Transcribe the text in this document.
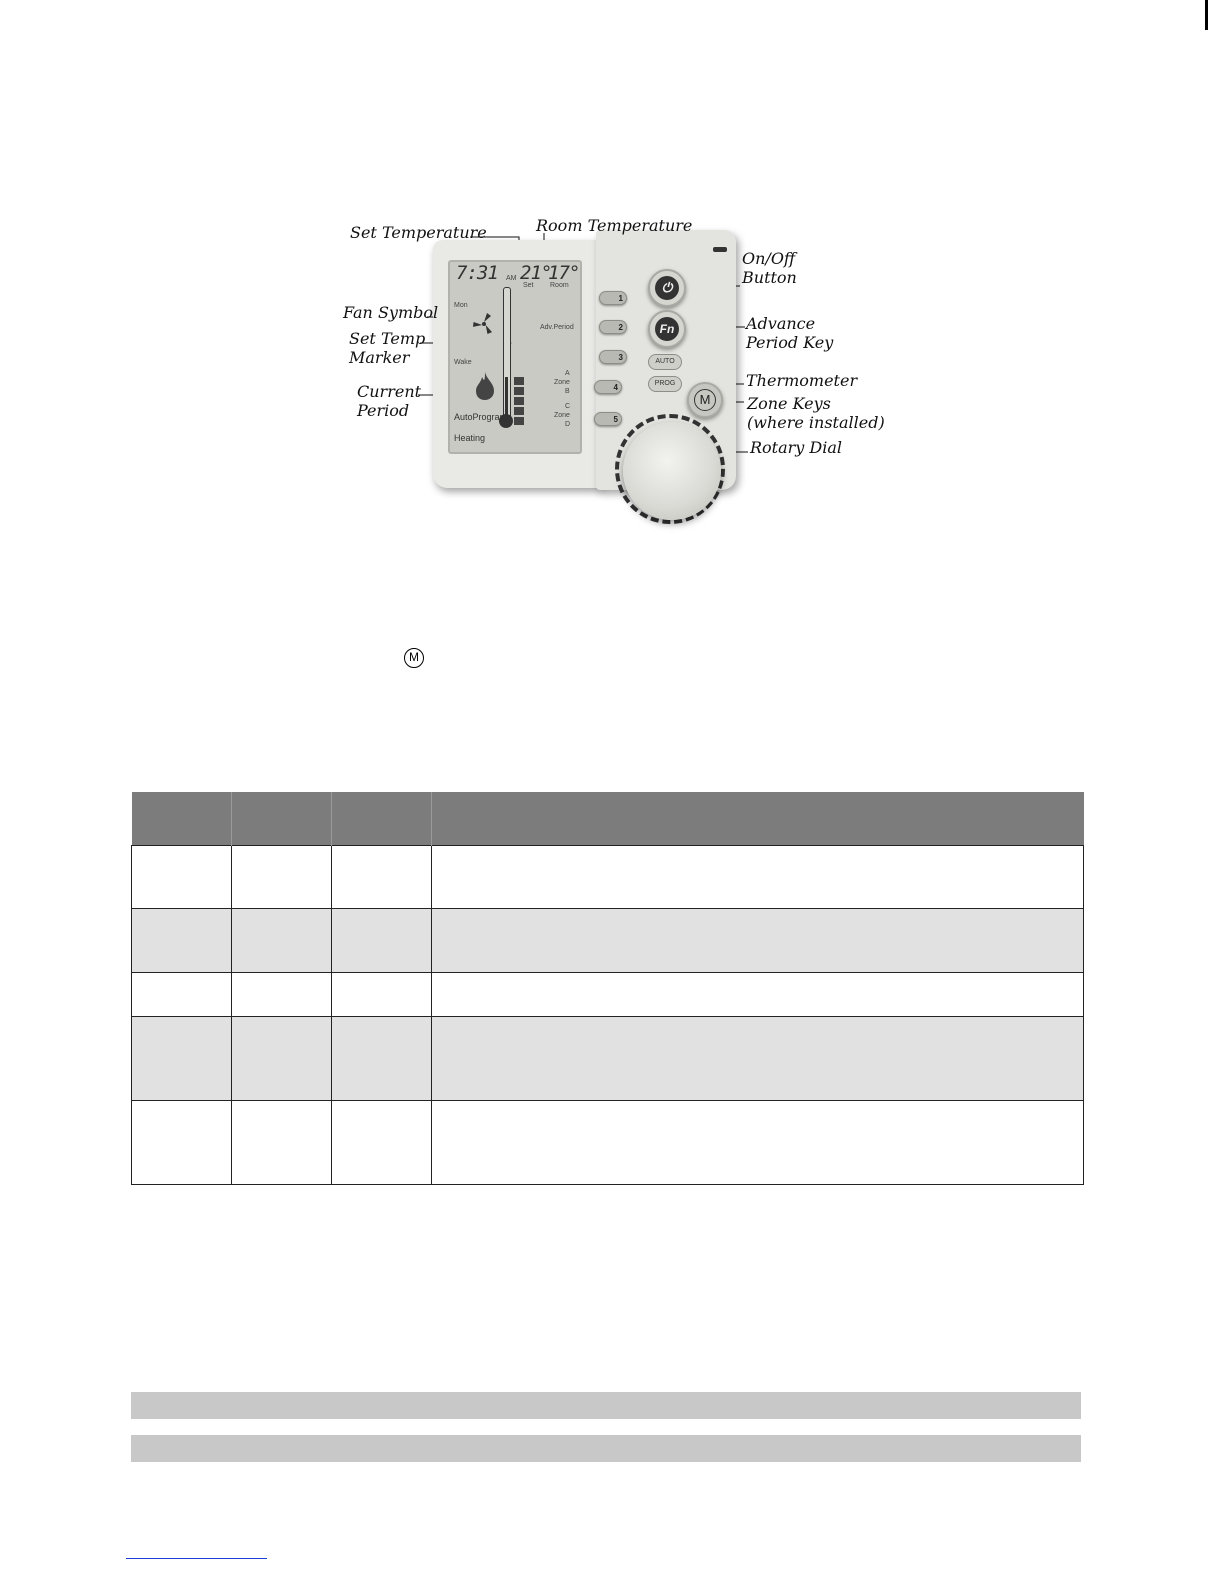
7:31 AM 21°
17°
Set Room
Mon
Adv.Period
Wake
A
Zone
B
C
Zone
D
AutoProgram
Heating
1
2
3
4
5
AUTO
PROG
⏻
Fn
M
Set Temperature	Room Temperature
On/Off
Button
Fan Symbol
Set Temp
Marker
Advance
Period Key
Current
Period
Thermometer
Zone Keys
(where installed)
Rotary Dial
M
